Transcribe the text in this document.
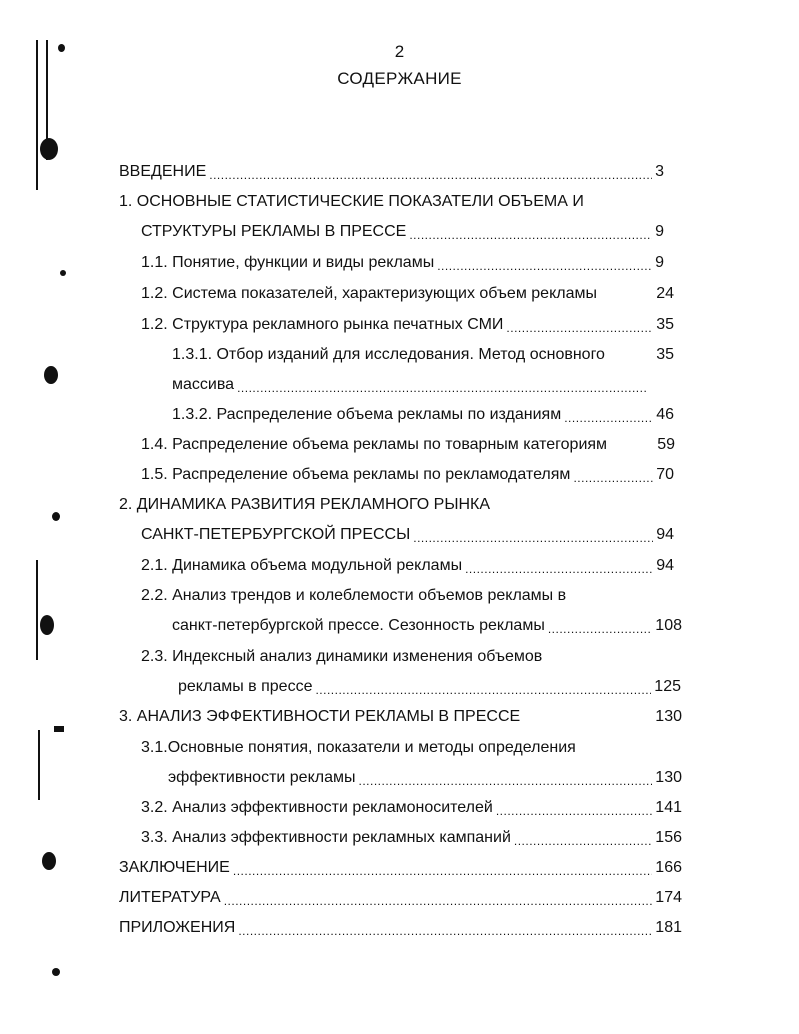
2
СОДЕРЖАНИЕ
ВВЕДЕНИЕ .....	3
1. ОСНОВНЫЕ СТАТИСТИЧЕСКИЕ ПОКАЗАТЕЛИ ОБЪЕМА И
СТРУКТУРЫ РЕКЛАМЫ В ПРЕССЕ .....	9
1.1. Понятие, функции и виды рекламы .....	9
1.2. Система показателей, характеризующих объем рекламы	24
1.2. Структура рекламного рынка печатных СМИ .....	35
1.3.1. Отбор изданий для исследования. Метод основного	35
массива
.....
1.3.2. Распределение объема рекламы по изданиям .....	46
1.4. Распределение объема рекламы по товарным категориям	59
1.5. Распределение объема рекламы по рекламодателям .....	70
2. ДИНАМИКА РАЗВИТИЯ РЕКЛАМНОГО РЫНКА
САНКТ-ПЕТЕРБУРГСКОЙ ПРЕССЫ .....	94
2.1. Динамика объема модульной рекламы .....	94
2.2. Анализ трендов и колеблемости объемов рекламы в
санкт-петербургской прессе. Сезонность рекламы .....	108
2.3. Индексный анализ динамики изменения объемов
рекламы в прессе .....	125
3. АНАЛИЗ ЭФФЕКТИВНОСТИ РЕКЛАМЫ В ПРЕССЕ	130
3.1.Основные понятия, показатели и методы определения
эффективности рекламы .....	130
3.2. Анализ эффективности рекламоносителей .....	141
3.3. Анализ эффективности рекламных кампаний .....	156
ЗАКЛЮЧЕНИЕ .....	166
ЛИТЕРАТУРА .....	174
ПРИЛОЖЕНИЯ .....	181
